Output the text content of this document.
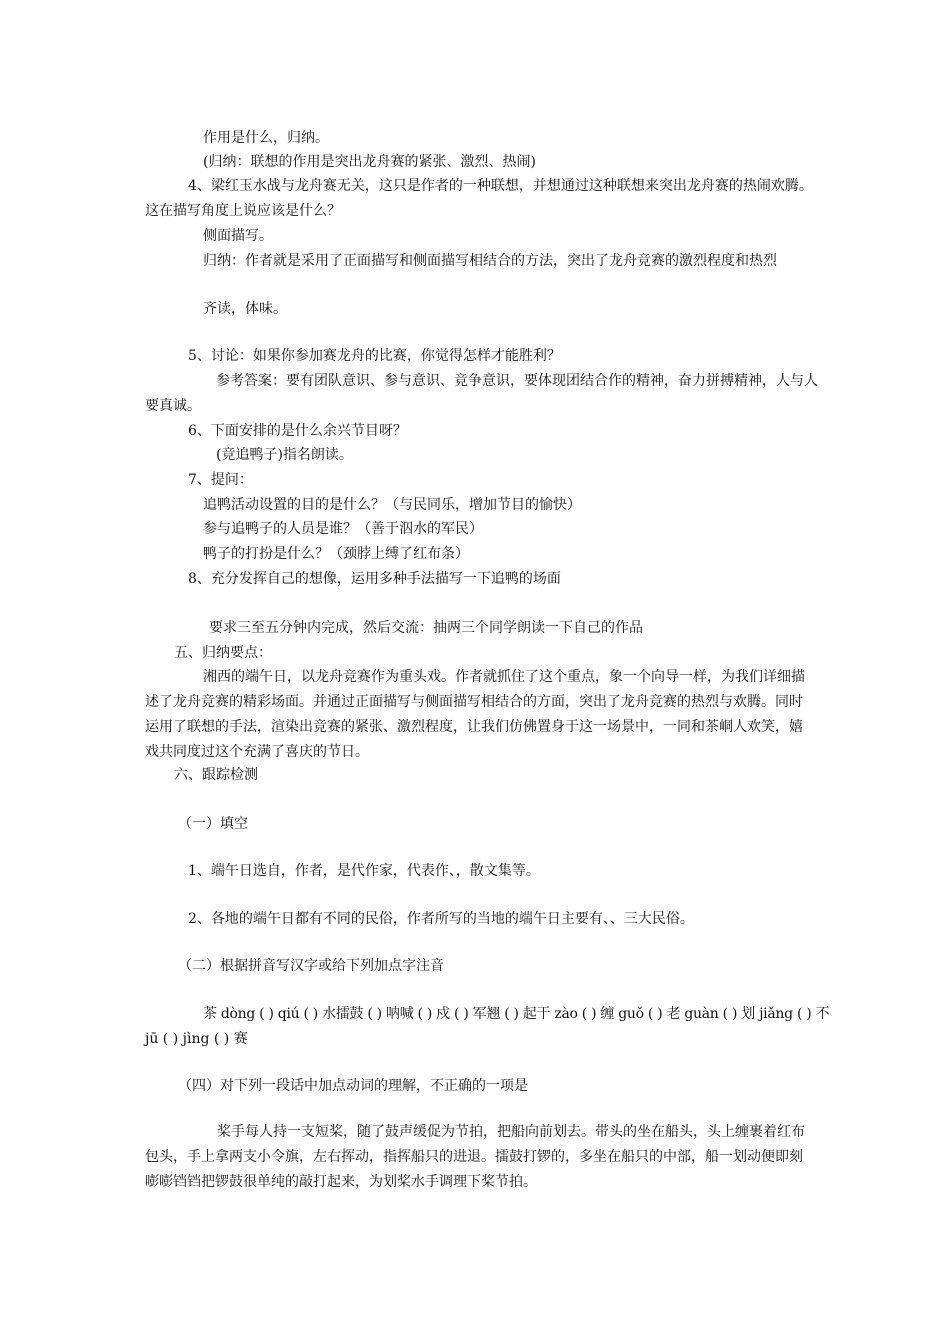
作用是什么，归纳。
(归纳：联想的作用是突出龙舟赛的紧张、激烈、热闹)
4、梁红玉水战与龙舟赛无关，这只是作者的一种联想，并想通过这种联想来突出龙舟赛的热闹欢腾。
这在描写角度上说应该是什么？
侧面描写。
归纳：作者就是采用了正面描写和侧面描写相结合的方法，突出了龙舟竞赛的激烈程度和热烈
齐读，体味。
5、讨论：如果你参加赛龙舟的比赛，你觉得怎样才能胜利？
参考答案：要有团队意识、参与意识、竞争意识，要体现团结合作的精神，奋力拼搏精神，人与人
要真诚。
6、下面安排的是什么余兴节目呀？
(竞追鸭子)指名朗读。
7、提问：
追鸭活动设置的目的是什么？（与民同乐，增加节目的愉快）
参与追鸭子的人员是谁？（善于泅水的军民）
鸭子的打扮是什么？（颈脖上缚了红布条）
8、充分发挥自己的想像，运用多种手法描写一下追鸭的场面
要求三至五分钟内完成，然后交流：抽两三个同学朗读一下自己的作品
五、归纳要点：
湘西的端午日，以龙舟竞赛作为重头戏。作者就抓住了这个重点，象一个向导一样，为我们详细描述了龙舟竞赛的精彩场面。并通过正面描写与侧面描写相结合的方面，突出了龙舟竞赛的热烈与欢腾。同时运用了联想的手法，渲染出竞赛的紧张、激烈程度，让我们仿佛置身于这一场景中，一同和茶峒人欢笑，嬉戏共同度过这个充满了喜庆的节日。
六、跟踪检测
（一）填空
1、端午日选自，作者，是代作家，代表作、，散文集等。
2、各地的端午日都有不同的民俗，作者所写的当地的端午日主要有、、三大民俗。
（二）根据拼音写汉字或给下列加点字注音
茶 dòng ( ) qiú ( ) 水擂鼓 ( ) 呐喊 ( ) 戍 ( ) 军翘 ( ) 起干 zào ( ) 缠 guǒ ( ) 老 guàn ( ) 划 jiǎng ( ) 不
jū ( ) jìng ( ) 赛
（四）对下列一段话中加点动词的理解，不正确的一项是
桨手每人持一支短桨，随了鼓声缓促为节拍，把船向前划去。带头的坐在船头，头上缠裹着红布包头，手上拿两支小令旗，左右挥动，指挥船只的进退。擂鼓打锣的，多坐在船只的中部，船一划动便即刻嘭嘭铛铛把锣鼓很单纯的敲打起来，为划桨水手调理下桨节拍。
